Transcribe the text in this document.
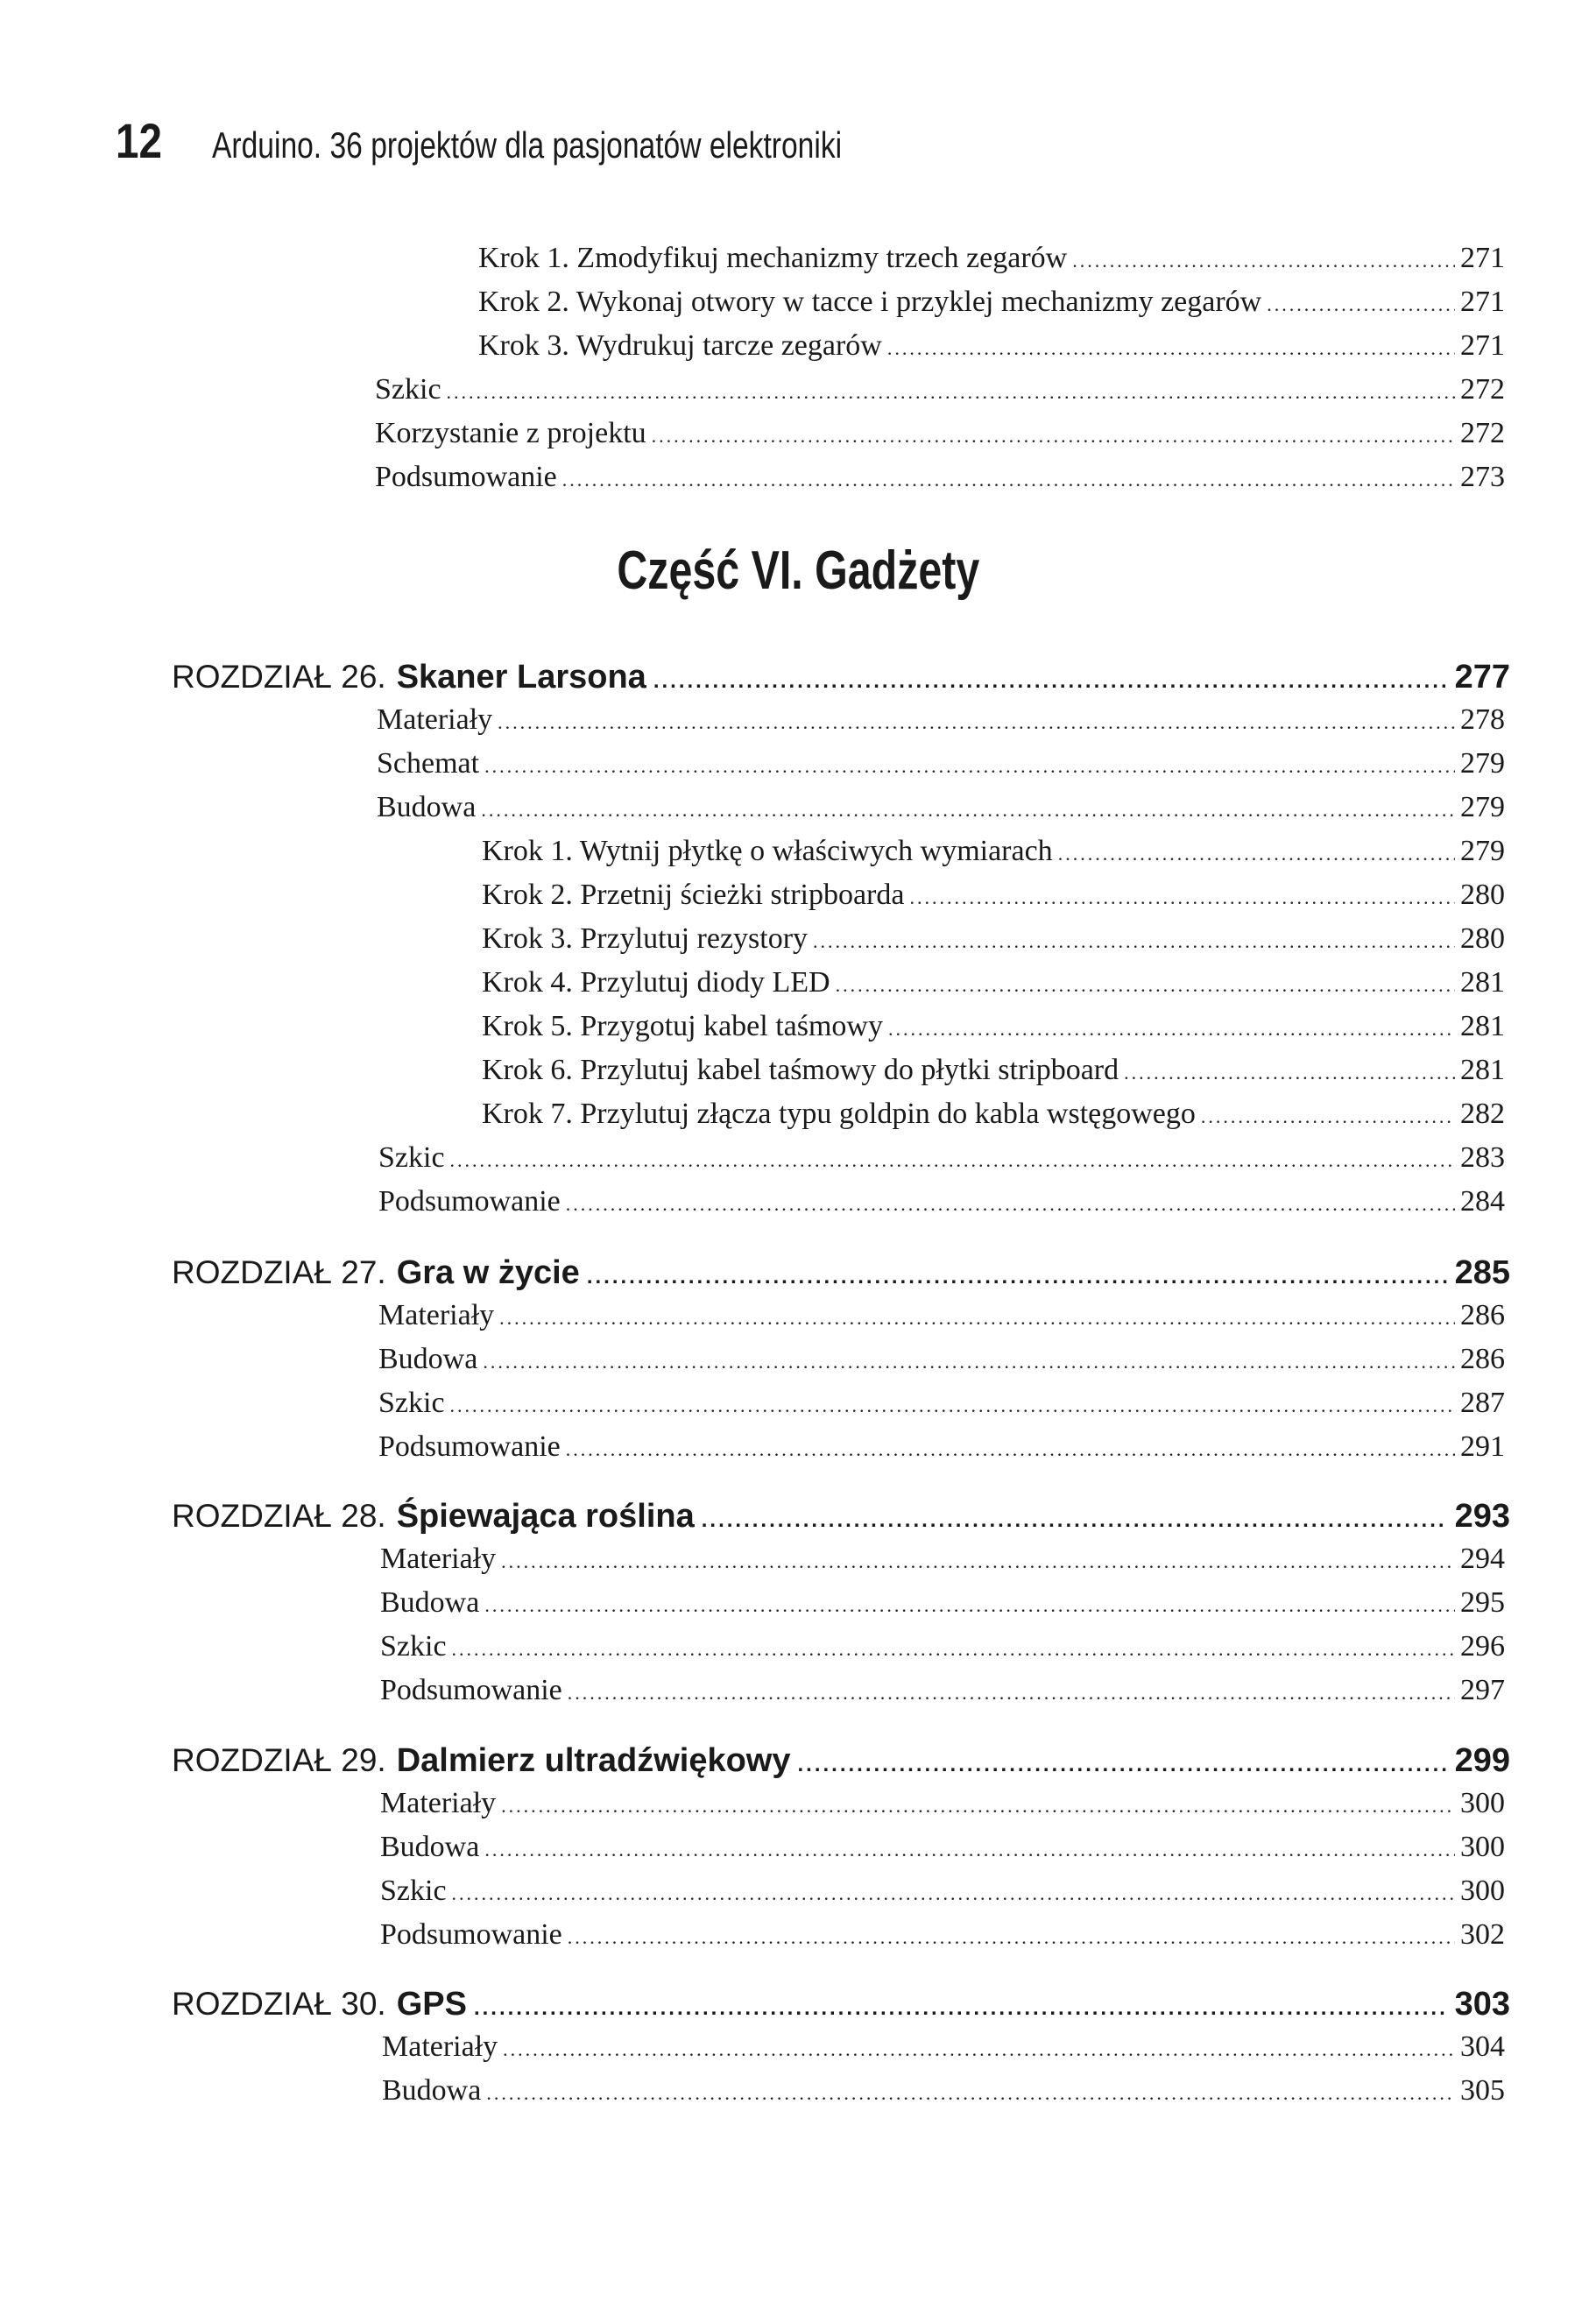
12	Arduino. 36 projektów dla pasjonatów elektroniki
Krok 1. Zmodyfikuj mechanizmy trzech zegarów .....	271
Krok 2. Wykonaj otwory w tacce i przyklej mechanizmy zegarów .....	271
Krok 3. Wydrukuj tarcze zegarów .....	271
Szkic .....	272
Korzystanie z projektu .....	272
Podsumowanie .....	273
Część VI. Gadżety
ROZDZIAŁ 26. Skaner Larsona .....	277
Materiały .....	278
Schemat .....	279
Budowa .....	279
Krok 1. Wytnij płytkę o właściwych wymiarach .....	279
Krok 2. Przetnij ścieżki stripboarda .....	280
Krok 3. Przylutuj rezystory .....	280
Krok 4. Przylutuj diody LED .....	281
Krok 5. Przygotuj kabel taśmowy .....	281
Krok 6. Przylutuj kabel taśmowy do płytki stripboard .....	281
Krok 7. Przylutuj złącza typu goldpin do kabla wstęgowego .....	282
Szkic .....	283
Podsumowanie .....	284
ROZDZIAŁ 27. Gra w życie .....	285
Materiały .....	286
Budowa .....	286
Szkic .....	287
Podsumowanie .....	291
ROZDZIAŁ 28. Śpiewająca roślina .....	293
Materiały .....	294
Budowa .....	295
Szkic .....	296
Podsumowanie .....	297
ROZDZIAŁ 29. Dalmierz ultradźwiękowy .....	299
Materiały .....	300
Budowa .....	300
Szkic .....	300
Podsumowanie .....	302
ROZDZIAŁ 30. GPS .....	303
Materiały .....	304
Budowa .....	305
